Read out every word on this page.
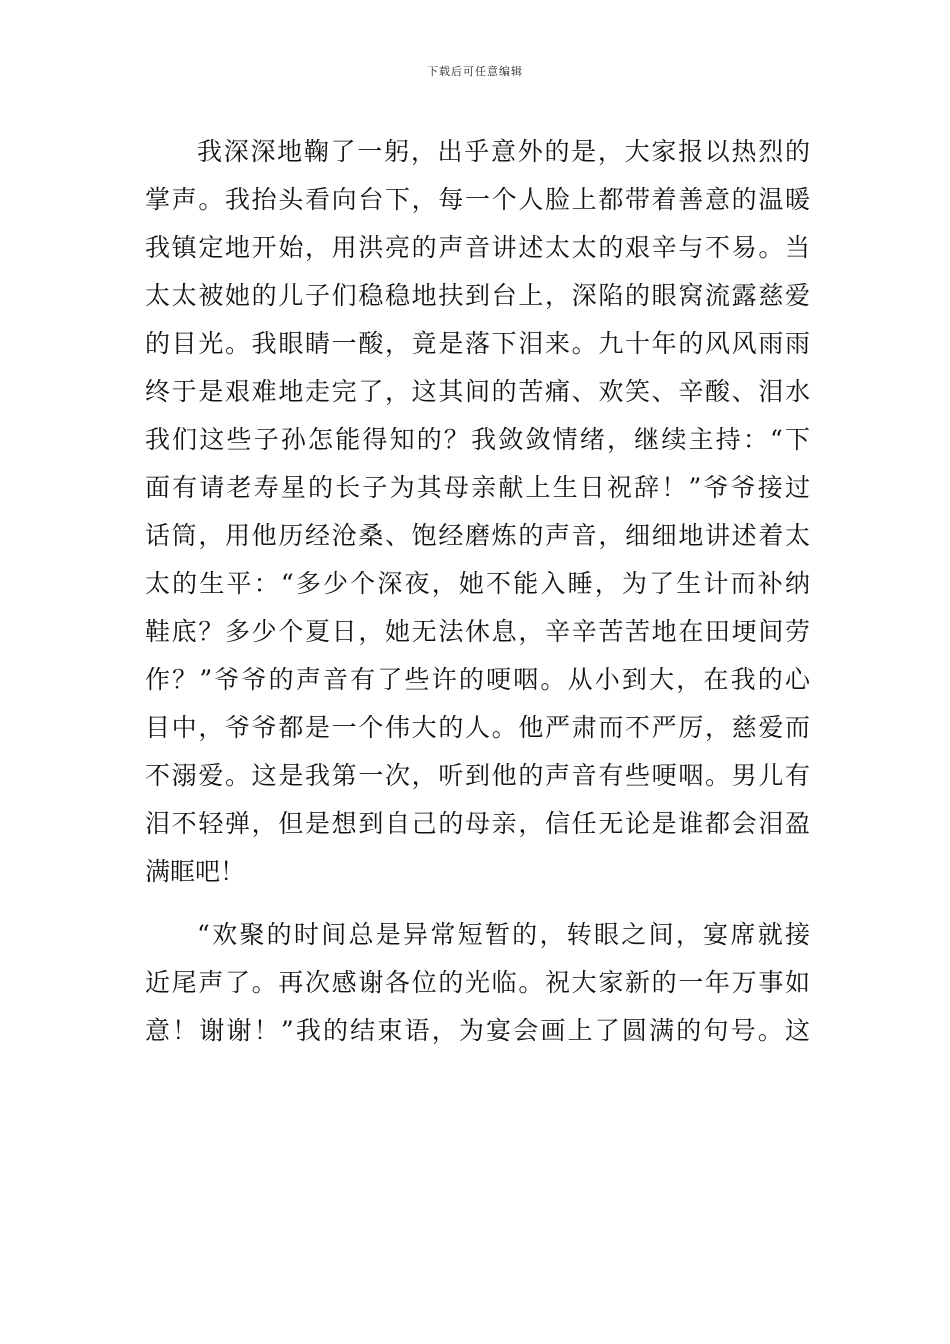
下载后可任意编辑
我深深地鞠了一躬，出乎意外的是，大家报以热烈的
掌声。我抬头看向台下，每一个人脸上都带着善意的温暖
我镇定地开始，用洪亮的声音讲述太太的艰辛与不易。当
太太被她的儿子们稳稳地扶到台上，深陷的眼窝流露慈爱
的目光。我眼睛一酸，竟是落下泪来。九十年的风风雨雨
终于是艰难地走完了，这其间的苦痛、欢笑、辛酸、泪水
我们这些子孙怎能得知的？我敛敛情绪，继续主持：“下
面有请老寿星的长子为其母亲献上生日祝辞！”爷爷接过
话筒，用他历经沧桑、饱经磨炼的声音，细细地讲述着太
太的生平：“多少个深夜，她不能入睡，为了生计而补纳
鞋底？多少个夏日，她无法休息，辛辛苦苦地在田埂间劳
作？”爷爷的声音有了些许的哽咽。从小到大，在我的心
目中，爷爷都是一个伟大的人。他严肃而不严厉，慈爱而
不溺爱。这是我第一次，听到他的声音有些哽咽。男儿有
泪不轻弹，但是想到自己的母亲，信任无论是谁都会泪盈
满眶吧！
“欢聚的时间总是异常短暂的，转眼之间，宴席就接
近尾声了。再次感谢各位的光临。祝大家新的一年万事如
意！谢谢！”我的结束语，为宴会画上了圆满的句号。这
